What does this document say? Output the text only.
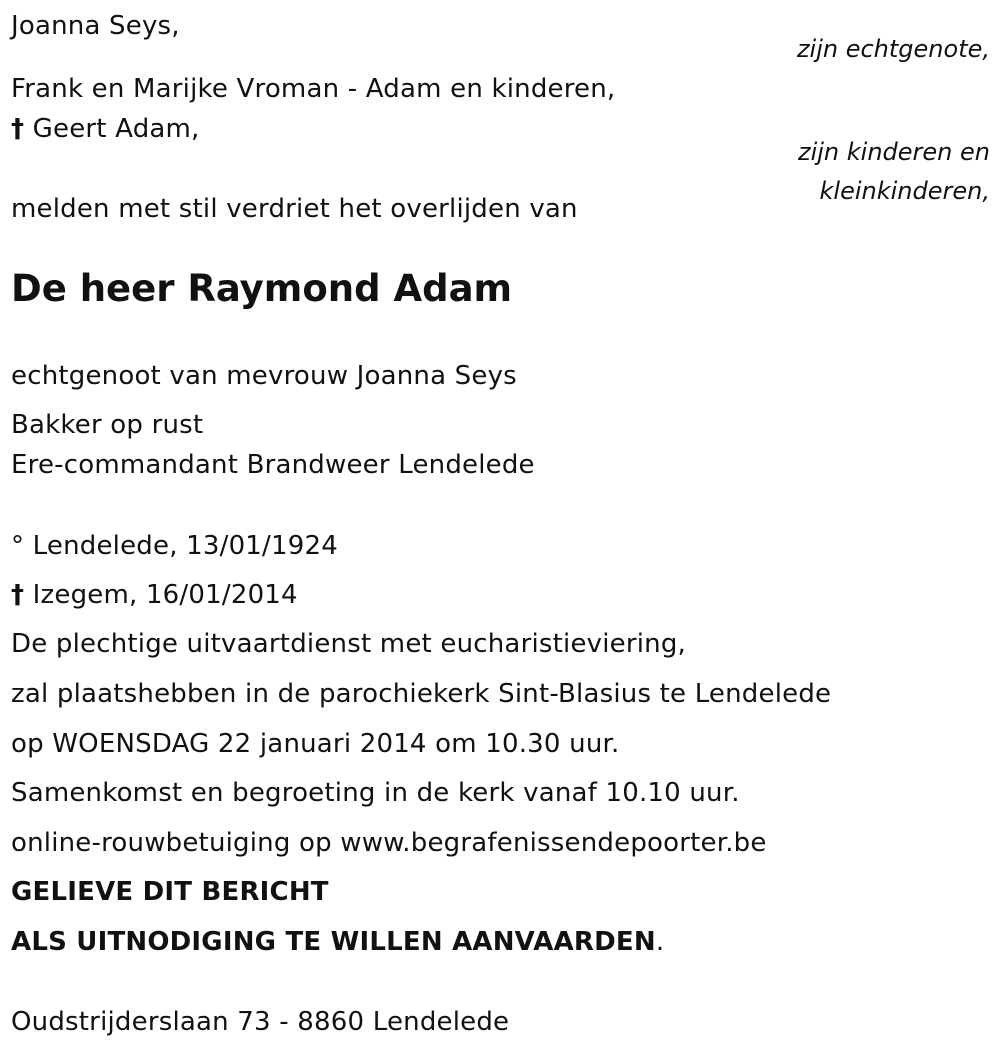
Joanna Seys,
zijn echtgenote,
Frank en Marijke Vroman - Adam en kinderen,
† Geert Adam,
zijn kinderen en
kleinkinderen,
melden met stil verdriet het overlijden van
De heer Raymond Adam
echtgenoot van mevrouw Joanna Seys
Bakker op rust
Ere-commandant Brandweer Lendelede
° Lendelede, 13/01/1924
† Izegem, 16/01/2014
De plechtige uitvaartdienst met eucharistieviering,
zal plaatshebben in de parochiekerk Sint-Blasius te Lendelede
op WOENSDAG 22 januari 2014 om 10.30 uur.
Samenkomst en begroeting in de kerk vanaf 10.10 uur.
online-rouwbetuiging op www.begrafenissendepoorter.be
GELIEVE DIT BERICHT
ALS UITNODIGING TE WILLEN AANVAARDEN.
Oudstrijderslaan 73 - 8860 Lendelede
